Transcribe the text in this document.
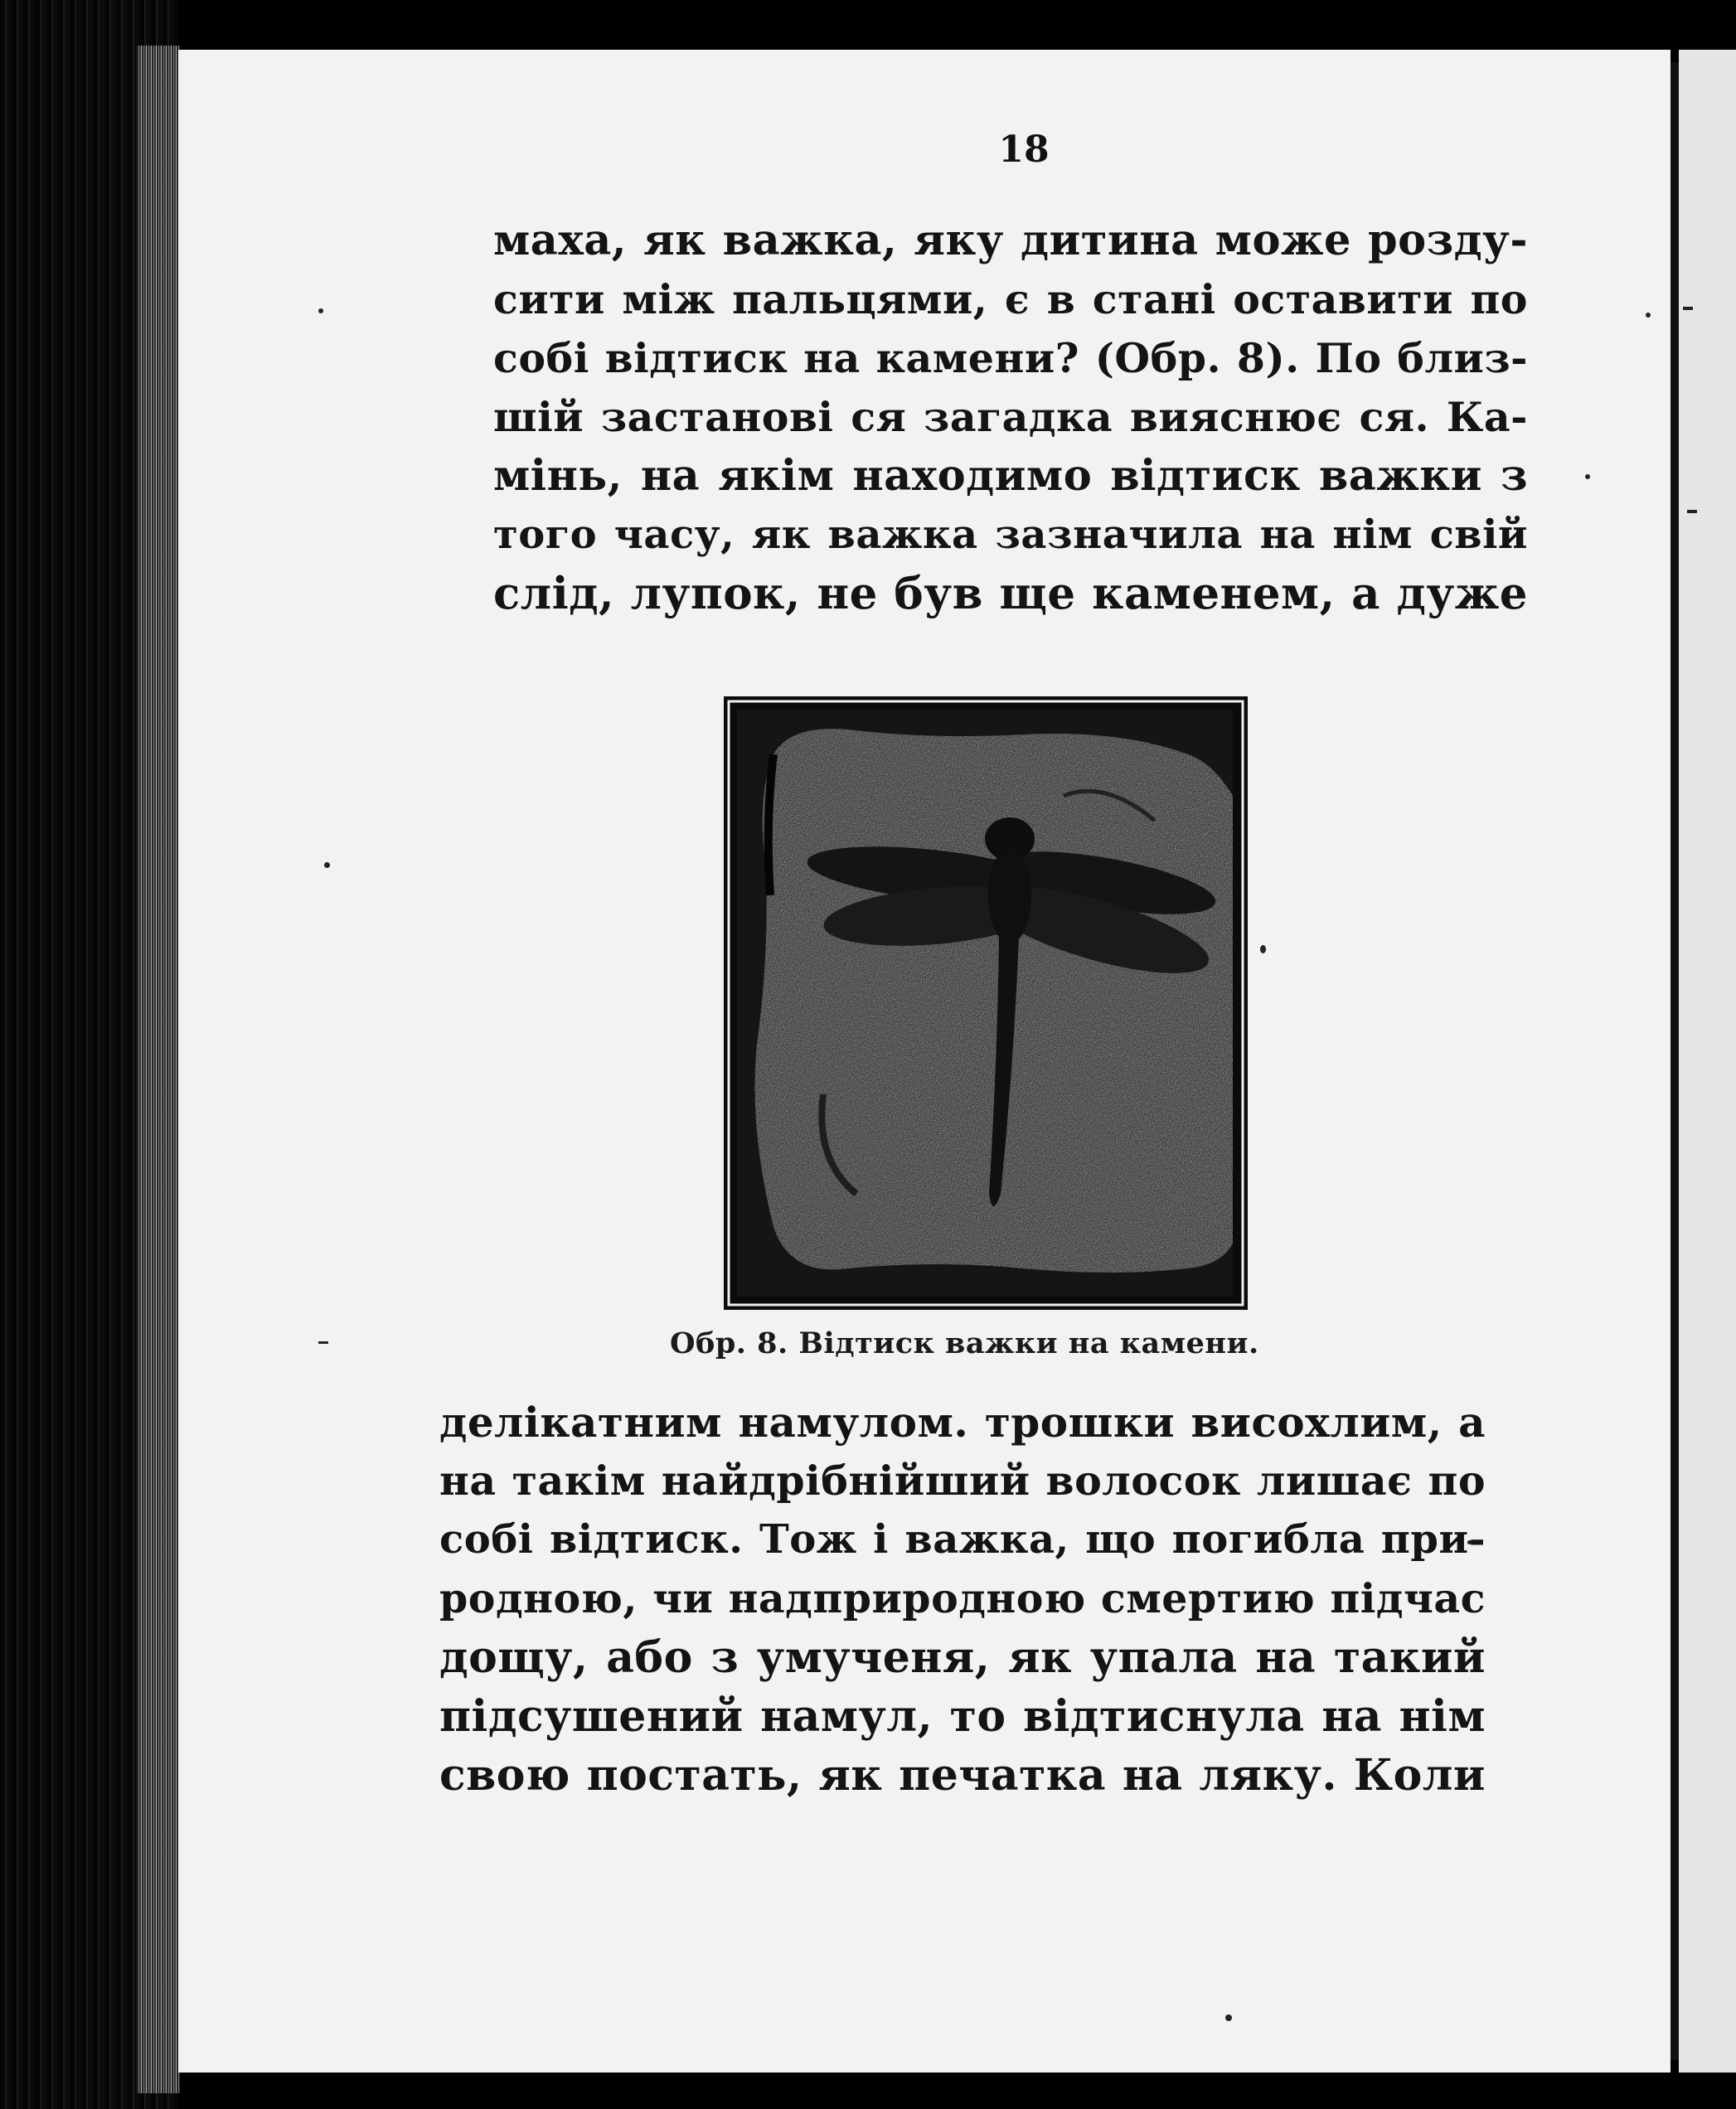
18
маха, як важка, яку дитина може розду-
сити між пальцями, є в стані оставити по
собі відтиск на камени? (Обр. 8). По близ-
шій застанові ся загадка вияснює ся. Ка-
мінь, на якім находимо відтиск важки з
того часу, як важка зазначила на нім свій
слід, лупок, не був ще каменем, а дуже
Обр. 8. Відтиск важки на камени.
делікатним намулом. трошки висохлим, а
на такім найдрібнійший волосок лишає по
собі відтиск. Тож і важка, що погибла при-
родною, чи надприродною смертию підчас
дощу, або з умученя, як упала на такий
підсушений намул, то відтиснула на нім
свою постать, як печатка на ляку. Коли
